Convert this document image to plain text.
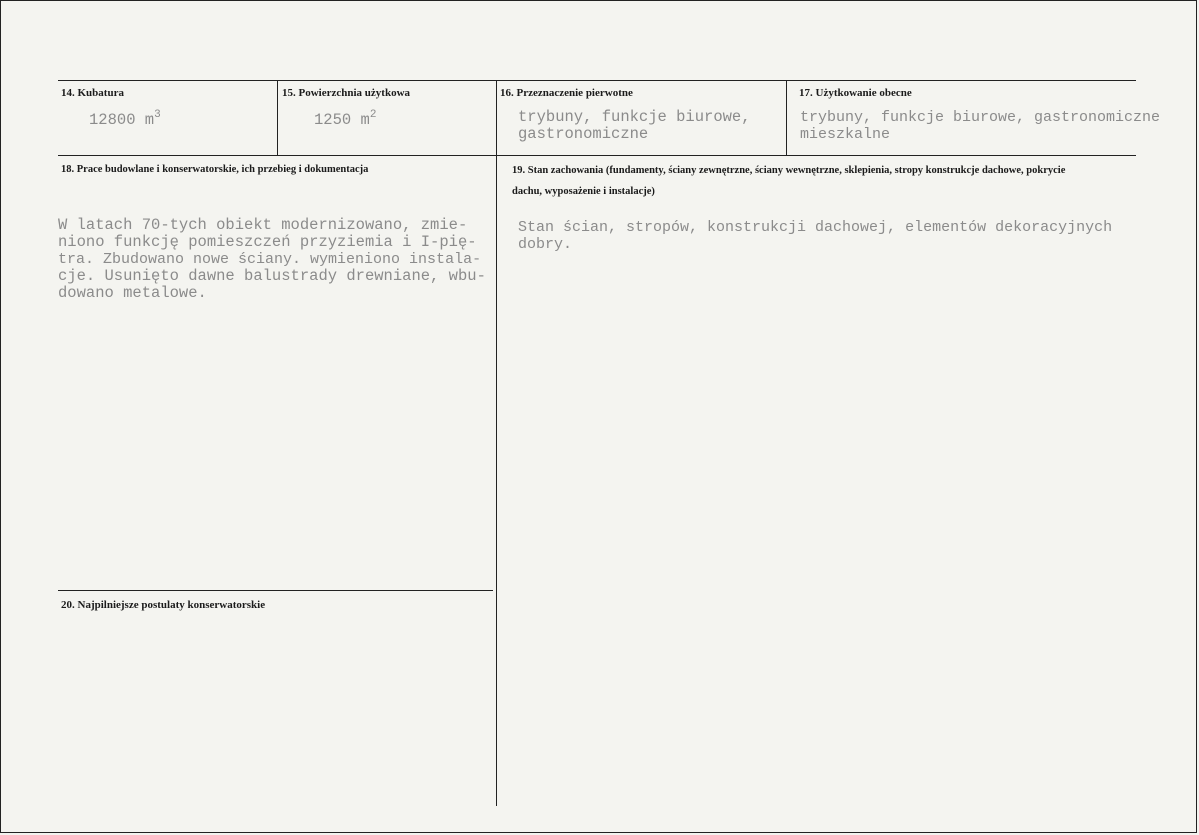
14. Kubatura
12800 $m^3$
15. Powierzchnia użytkowa
1250 $m^2$
16. Przeznaczenie pierwotne
trybuny, funkcje biurowe,
gastronomiczne
17. Użytkowanie obecne
trybuny, funkcje biurowe, gastronomiczne
mieszkalne
18. Prace budowlane i konserwatorskie, ich przebieg i dokumentacja
W latach 70-tych obiekt modernizowano, zmie-
niono funkcję pomieszczeń przyziemia i I-pię-
tra. Zbudowano nowe ściany. wymieniono instala-
cje. Usunięto dawne balustrady drewniane, wbu-
dowano metalowe.
19. Stan zachowania (fundamenty, ściany zewnętrzne, ściany wewnętrzne, sklepienia, stropy konstrukcje dachowe, pokrycie dachu, wyposażenie i instalacje)
Stan ścian, stropów, konstrukcji dachowej, elementów dekoracyjnych
dobry.
20. Najpilniejsze postulaty konserwatorskie
